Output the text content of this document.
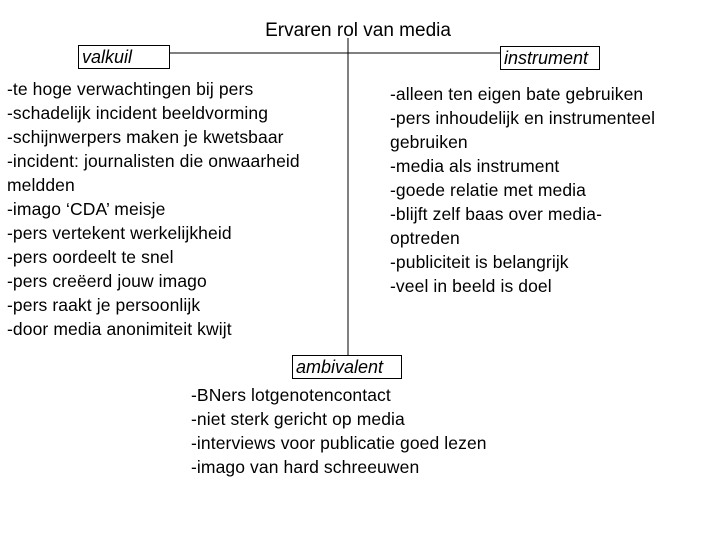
Ervaren rol van media
valkuil	instrument
ambivalent
-te hoge verwachtingen bij pers
-schadelijk incident beeldvorming
-schijnwerpers maken je kwetsbaar
-incident: journalisten die onwaarheid
meldden
-imago ‘CDA’ meisje
-pers vertekent werkelijkheid
-pers oordeelt te snel
-pers creëerd jouw imago
-pers raakt je persoonlijk
-door media anonimiteit kwijt
-alleen ten eigen bate gebruiken
-pers inhoudelijk en instrumenteel
gebruiken
-media als instrument
-goede relatie met media
-blijft zelf baas over media-
optreden
-publiciteit is belangrijk
-veel in beeld is doel
-BNers lotgenotencontact
-niet sterk gericht op media
-interviews voor publicatie goed lezen
-imago van hard schreeuwen
